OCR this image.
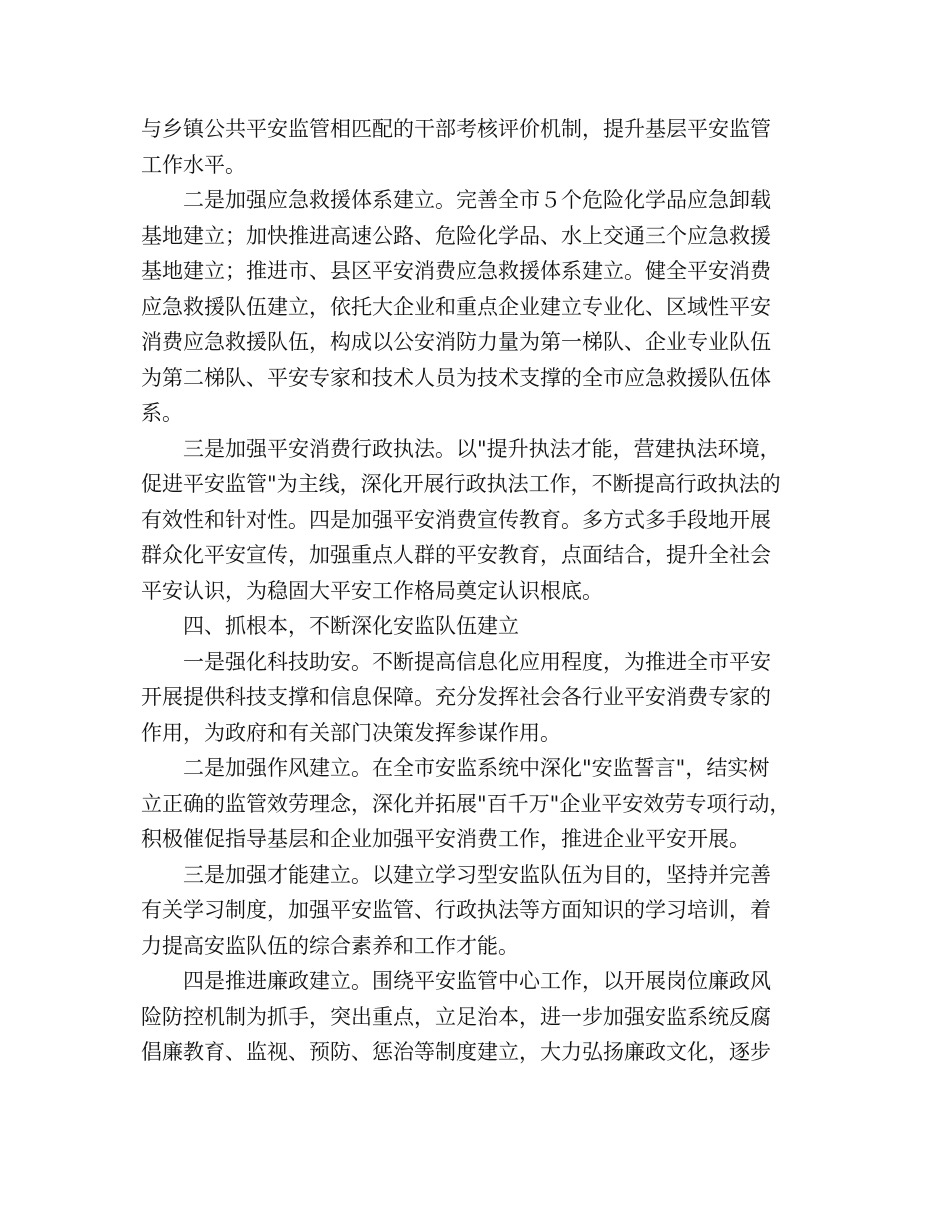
与乡镇公共平安监管相匹配的干部考核评价机制，提升基层平安监管
工作水平。
二是加强应急救援体系建立。完善全市５个危险化学品应急卸载
基地建立；加快推进高速公路、危险化学品、水上交通三个应急救援
基地建立；推进市、县区平安消费应急救援体系建立。健全平安消费
应急救援队伍建立，依托大企业和重点企业建立专业化、区域性平安
消费应急救援队伍，构成以公安消防力量为第一梯队、企业专业队伍
为第二梯队、平安专家和技术人员为技术支撑的全市应急救援队伍体
系。
三是加强平安消费行政执法。以"提升执法才能，营建执法环境，
促进平安监管"为主线，深化开展行政执法工作，不断提高行政执法的
有效性和针对性。四是加强平安消费宣传教育。多方式多手段地开展
群众化平安宣传，加强重点人群的平安教育，点面结合，提升全社会
平安认识，为稳固大平安工作格局奠定认识根底。
四、抓根本，不断深化安监队伍建立
一是强化科技助安。不断提高信息化应用程度，为推进全市平安
开展提供科技支撑和信息保障。充分发挥社会各行业平安消费专家的
作用，为政府和有关部门决策发挥参谋作用。
二是加强作风建立。在全市安监系统中深化"安监誓言"，结实树
立正确的监管效劳理念，深化并拓展"百千万"企业平安效劳专项行动，
积极催促指导基层和企业加强平安消费工作，推进企业平安开展。
三是加强才能建立。以建立学习型安监队伍为目的，坚持并完善
有关学习制度，加强平安监管、行政执法等方面知识的学习培训，着
力提高安监队伍的综合素养和工作才能。
四是推进廉政建立。围绕平安监管中心工作，以开展岗位廉政风
险防控机制为抓手，突出重点，立足治本，进一步加强安监系统反腐
倡廉教育、监视、预防、惩治等制度建立，大力弘扬廉政文化，逐步
